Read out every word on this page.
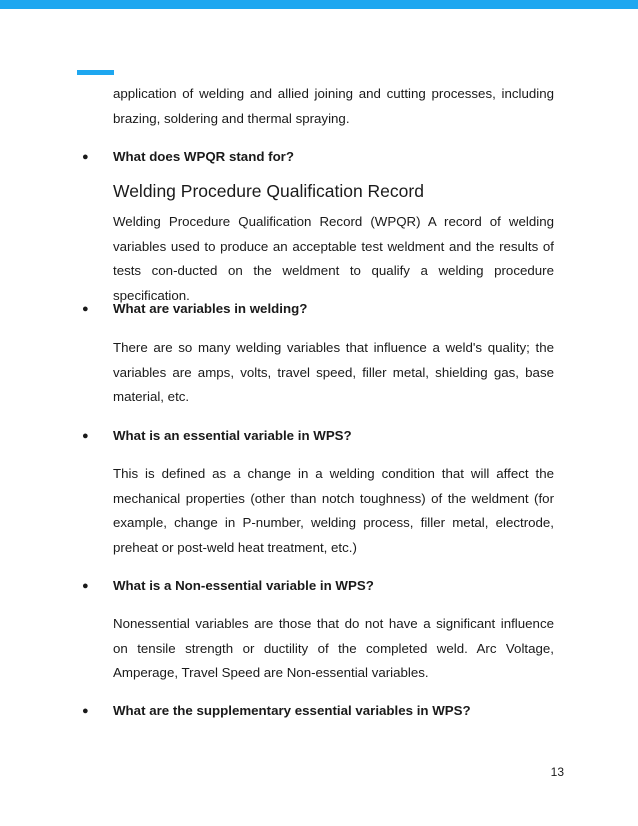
application of welding and allied joining and cutting processes, including brazing, soldering and thermal spraying.

● What does WPQR stand for?

Welding Procedure Qualification Record

Welding Procedure Qualification Record (WPQR) A record of welding variables used to produce an acceptable test weldment and the results of tests con-ducted on the weldment to qualify a welding procedure specification.

● What are variables in welding?

There are so many welding variables that influence a weld's quality; the variables are amps, volts, travel speed, filler metal, shielding gas, base material, etc.

● What is an essential variable in WPS?

This is defined as a change in a welding condition that will affect the mechanical properties (other than notch toughness) of the weldment (for example, change in P-number, welding process, filler metal, electrode, preheat or post-weld heat treatment, etc.)

● What is a Non-essential variable in WPS?

Nonessential variables are those that do not have a significant influence on tensile strength or ductility of the completed weld. Arc Voltage, Amperage, Travel Speed are Non-essential variables.

● What are the supplementary essential variables in WPS?

13
